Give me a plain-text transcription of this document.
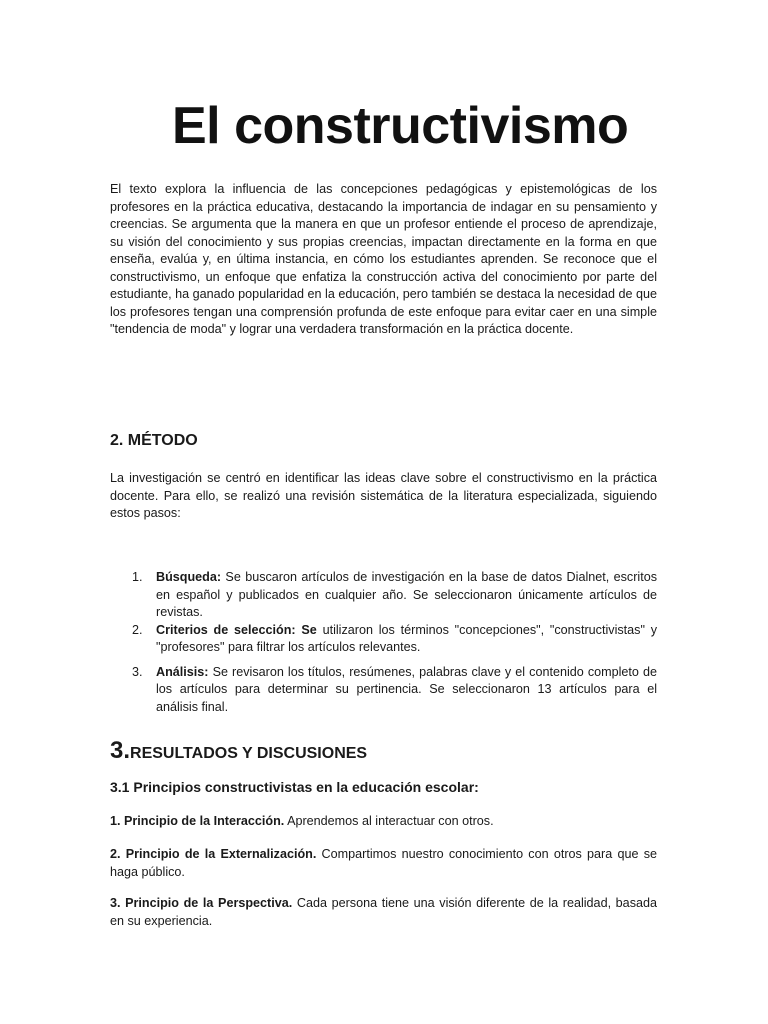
El constructivismo

El texto explora la influencia de las concepciones pedagógicas y epistemológicas de los profesores en la práctica educativa, destacando la importancia de indagar en su pensamiento y creencias. Se argumenta que la manera en que un profesor entiende el proceso de aprendizaje, su visión del conocimiento y sus propias creencias, impactan directamente en la forma en que enseña, evalúa y, en última instancia, en cómo los estudiantes aprenden. Se reconoce que el constructivismo, un enfoque que enfatiza la construcción activa del conocimiento por parte del estudiante, ha ganado popularidad en la educación, pero también se destaca la necesidad de que los profesores tengan una comprensión profunda de este enfoque para evitar caer en una simple "tendencia de moda" y lograr una verdadera transformación en la práctica docente.

2. MÉTODO

La investigación se centró en identificar las ideas clave sobre el constructivismo en la práctica docente. Para ello, se realizó una revisión sistemática de la literatura especializada, siguiendo estos pasos:

1. Búsqueda: Se buscaron artículos de investigación en la base de datos Dialnet, escritos en español y publicados en cualquier año. Se seleccionaron únicamente artículos de revistas.
2. Criterios de selección: Se utilizaron los términos "concepciones", "constructivistas" y "profesores" para filtrar los artículos relevantes.
3. Análisis: Se revisaron los títulos, resúmenes, palabras clave y el contenido completo de los artículos para determinar su pertinencia. Se seleccionaron 13 artículos para el análisis final.
3.RESULTADOS Y DISCUSIONES
3.1 Principios constructivistas en la educación escolar:

1. Principio de la Interacción. Aprendemos al interactuar con otros.

2. Principio de la Externalización. Compartimos nuestro conocimiento con otros para que se haga público.

3. Principio de la Perspectiva. Cada persona tiene una visión diferente de la realidad, basada en su experiencia.
